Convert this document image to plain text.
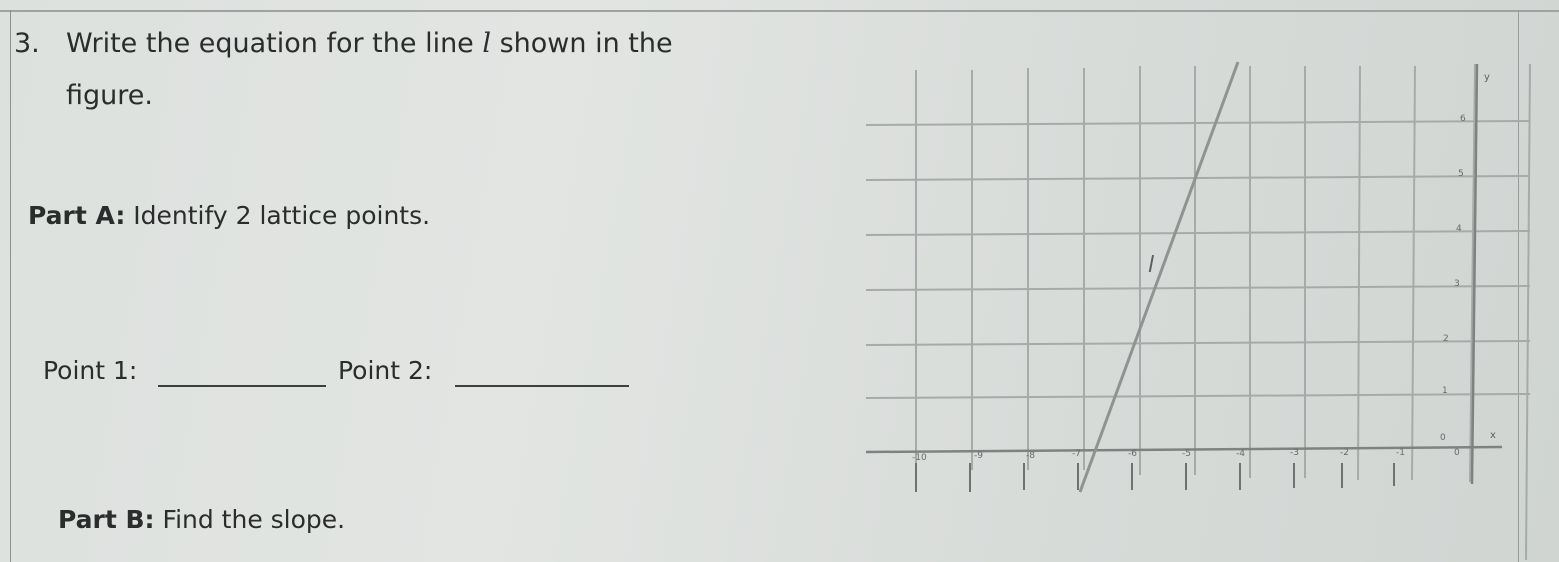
3. Write the equation for the line l shown in the
figure.
Part A: Identify 2 lattice points.
Point 1:	Point 2:
Part B: Find the slope.
-10	-9	-8	-7	-6	-5	-4	-3	-2	-1	0
6
5
4
3
2
1
0
y
x
l
